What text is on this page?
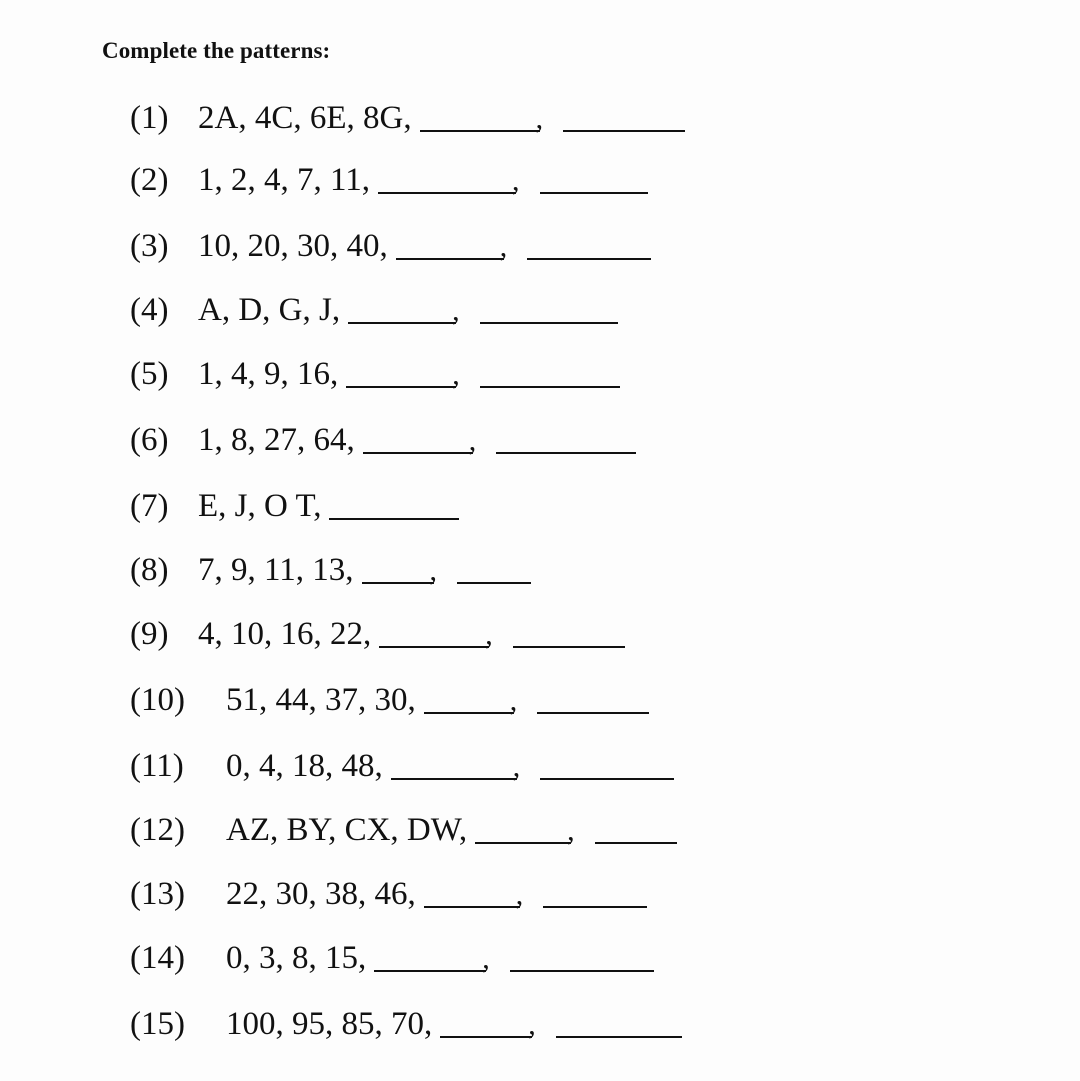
Complete the patterns:
(1) 2A, 4C, 6E, 8G,	,
(2) 1, 2, 4, 7, 11,	,
(3) 10, 20, 30, 40,	,
(4) A, D, G, J,	,
(5) 1, 4, 9, 16,	,
(6) 1, 8, 27, 64,	,
(7) E, J, O T,
(8) 7, 9, 11, 13,	,
(9) 4, 10, 16, 22,	,
(10)	51, 44, 37, 30,	,
(11)	0, 4, 18, 48,	,
(12)	AZ, BY, CX, DW,	,
(13)	22, 30, 38, 46,	,
(14)	0, 3, 8, 15,	,
(15)	100, 95, 85, 70,	,
